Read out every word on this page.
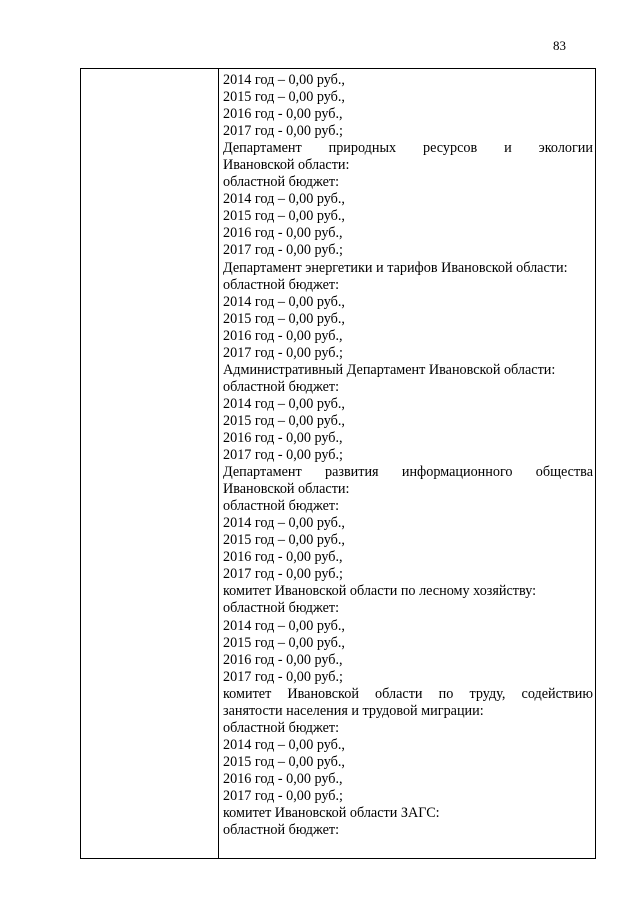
83
2014 год – 0,00 руб.,
2015 год – 0,00 руб.,
2016 год - 0,00 руб.,
2017 год - 0,00 руб.;
Департамент природных ресурсов и экологии
Ивановской области:
областной бюджет:
2014 год – 0,00 руб.,
2015 год – 0,00 руб.,
2016 год - 0,00 руб.,
2017 год - 0,00 руб.;
Департамент энергетики и тарифов Ивановской области:
областной бюджет:
2014 год – 0,00 руб.,
2015 год – 0,00 руб.,
2016 год - 0,00 руб.,
2017 год - 0,00 руб.;
Административный Департамент Ивановской области:
областной бюджет:
2014 год – 0,00 руб.,
2015 год – 0,00 руб.,
2016 год - 0,00 руб.,
2017 год - 0,00 руб.;
Департамент развития информационного общества
Ивановской области:
областной бюджет:
2014 год – 0,00 руб.,
2015 год – 0,00 руб.,
2016 год - 0,00 руб.,
2017 год - 0,00 руб.;
комитет Ивановской области по лесному хозяйству:
областной бюджет:
2014 год – 0,00 руб.,
2015 год – 0,00 руб.,
2016 год - 0,00 руб.,
2017 год - 0,00 руб.;
комитет Ивановской области по труду, содействию
занятости населения и трудовой миграции:
областной бюджет:
2014 год – 0,00 руб.,
2015 год – 0,00 руб.,
2016 год - 0,00 руб.,
2017 год - 0,00 руб.;
комитет Ивановской области ЗАГС:
областной бюджет:
